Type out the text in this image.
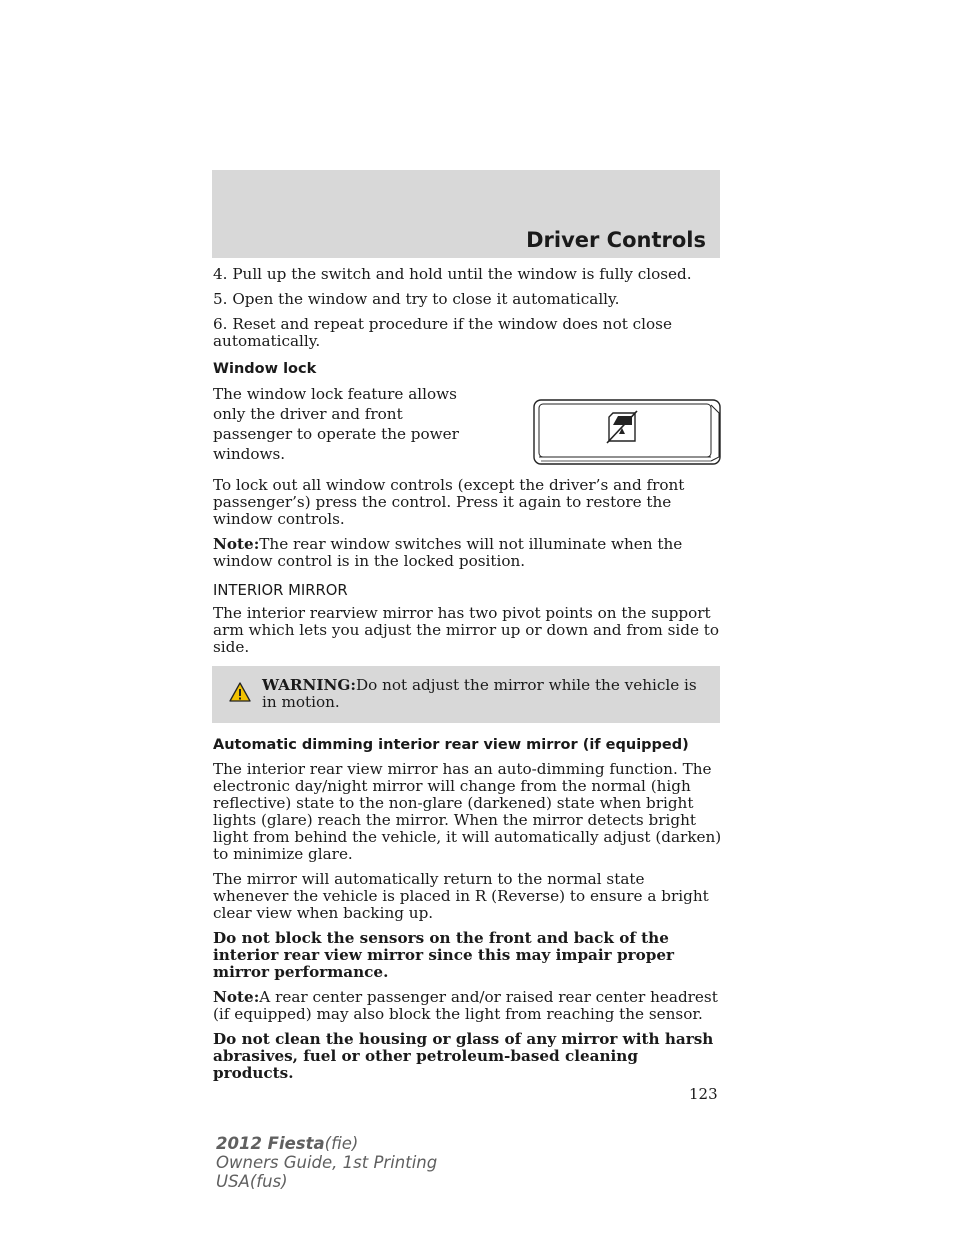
Driver Controls

4. Pull up the switch and hold until the window is fully closed.

5. Open the window and try to close it automatically.

6. Reset and repeat procedure if the window does not close automatically.

Window lock
The window lock feature allows only the driver and front passenger to operate the power windows.

To lock out all window controls (except the driver’s and front passenger’s) press the control. Press it again to restore the window controls.

Note:The rear window switches will not illuminate when the window control is in the locked position.

INTERIOR MIRROR

The interior rearview mirror has two pivot points on the support arm which lets you adjust the mirror up or down and from side to side.

WARNING:Do not adjust the mirror while the vehicle is in motion.
Automatic dimming interior rear view mirror (if equipped)

The interior rear view mirror has an auto-dimming function. The electronic day/night mirror will change from the normal (high reflective) state to the non-glare (darkened) state when bright lights (glare) reach the mirror. When the mirror detects bright light from behind the vehicle, it will automatically adjust (darken) to minimize glare.

The mirror will automatically return to the normal state whenever the vehicle is placed in R (Reverse) to ensure a bright clear view when backing up.

Do not block the sensors on the front and back of the interior rear view mirror since this may impair proper mirror performance.

Note:A rear center passenger and/or raised rear center headrest (if equipped) may also block the light from reaching the sensor.

Do not clean the housing or glass of any mirror with harsh abrasives, fuel or other petroleum-based cleaning products.

123
2012 Fiesta(fie)
Owners Guide, 1st Printing
USA(fus)
